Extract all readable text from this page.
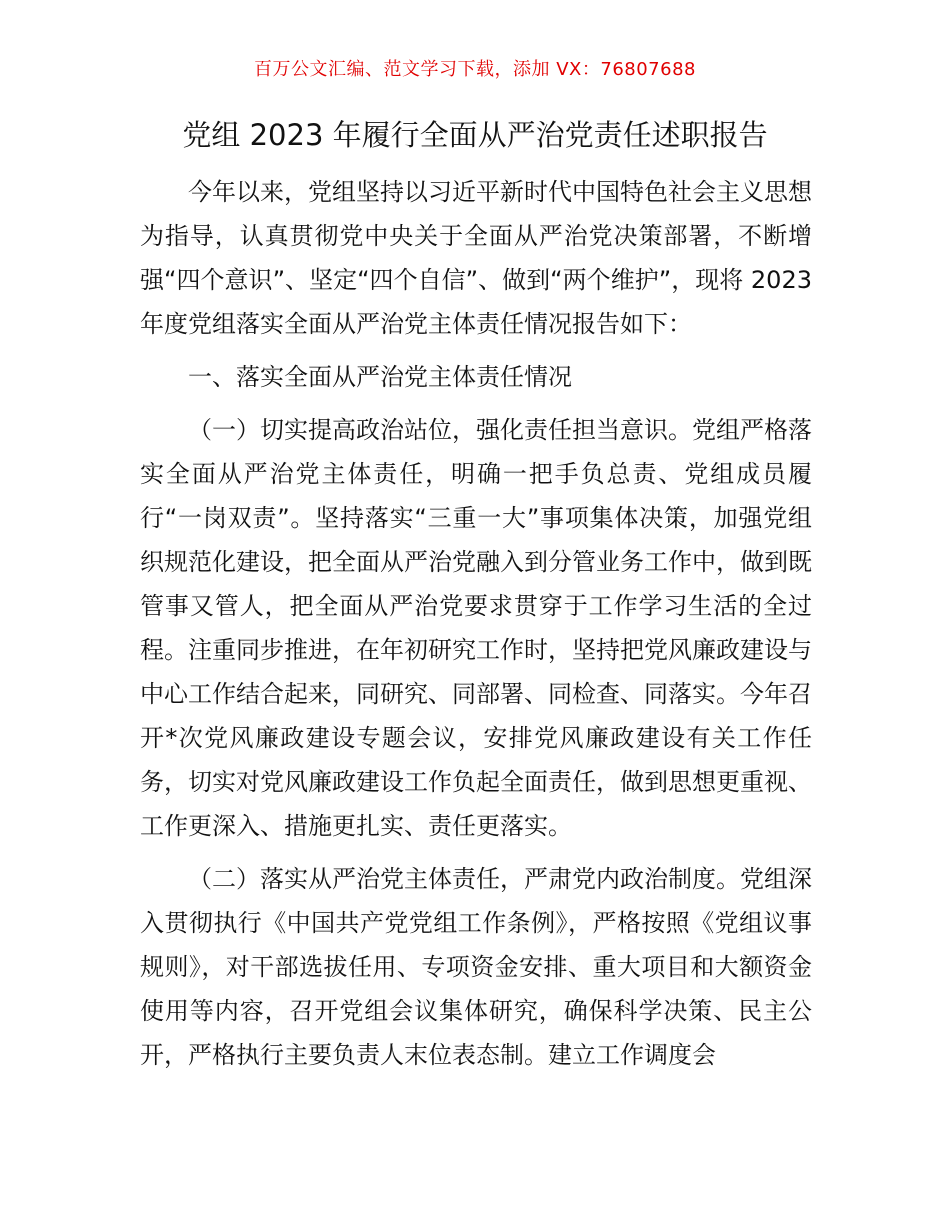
百万公文汇编、范文学习下载，添加 VX：76807688
党组 2023 年履行全面从严治党责任述职报告

今年以来，党组坚持以习近平新时代中国特色社会主义思想为指导，认真贯彻党中央关于全面从严治党决策部署，不断增强“四个意识”、坚定“四个自信”、做到“两个维护”，现将 2023 年度党组落实全面从严治党主体责任情况报告如下：

一、落实全面从严治党主体责任情况

（一）切实提高政治站位，强化责任担当意识。党组严格落实全面从严治党主体责任，明确一把手负总责、党组成员履行“一岗双责”。坚持落实“三重一大”事项集体决策，加强党组织规范化建设，把全面从严治党融入到分管业务工作中，做到既管事又管人，把全面从严治党要求贯穿于工作学习生活的全过程。注重同步推进，在年初研究工作时，坚持把党风廉政建设与中心工作结合起来，同研究、同部署、同检查、同落实。今年召开*次党风廉政建设专题会议，安排党风廉政建设有关工作任务，切实对党风廉政建设工作负起全面责任，做到思想更重视、工作更深入、措施更扎实、责任更落实。

（二）落实从严治党主体责任，严肃党内政治制度。党组深入贯彻执行《中国共产党党组工作条例》，严格按照《党组议事规则》，对干部选拔任用、专项资金安排、重大项目和大额资金使用等内容，召开党组会议集体研究，确保科学决策、民主公开，严格执行主要负责人末位表态制。建立工作调度会
